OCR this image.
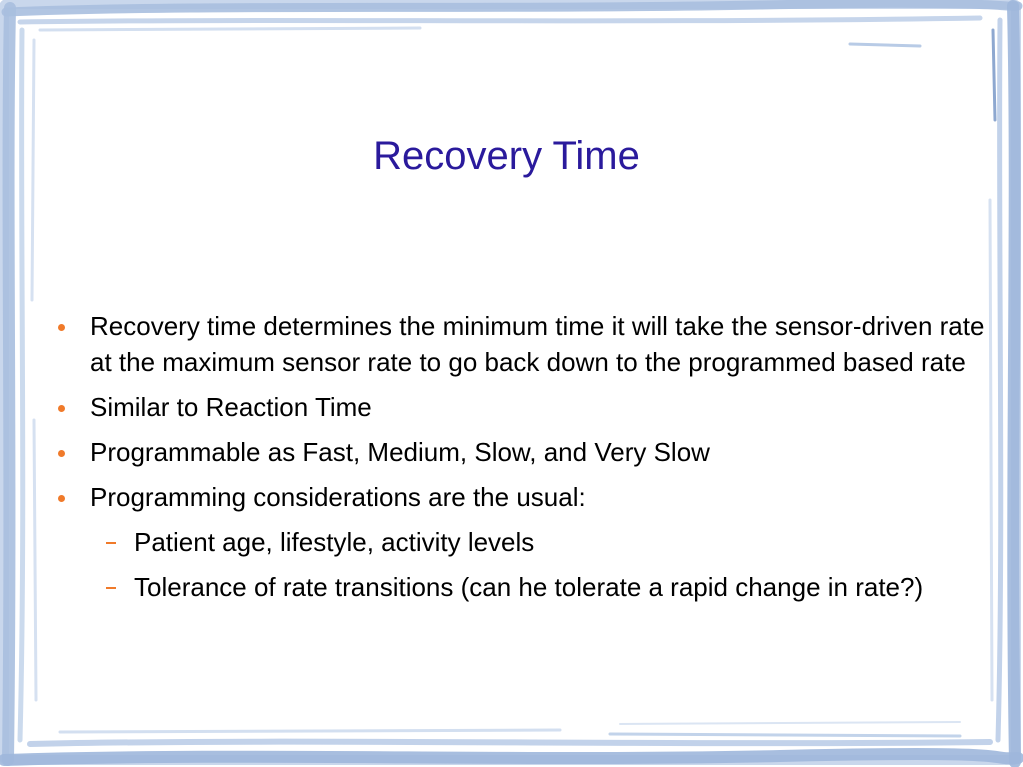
Recovery Time
Recovery time determines the minimum time it will take the sensor-driven rate at the maximum sensor rate to go back down to the programmed based rate
Similar to Reaction Time
Programmable as Fast, Medium, Slow, and Very Slow
Programming considerations are the usual:
Patient age, lifestyle, activity levels
Tolerance of rate transitions (can he tolerate a rapid change in rate?)
